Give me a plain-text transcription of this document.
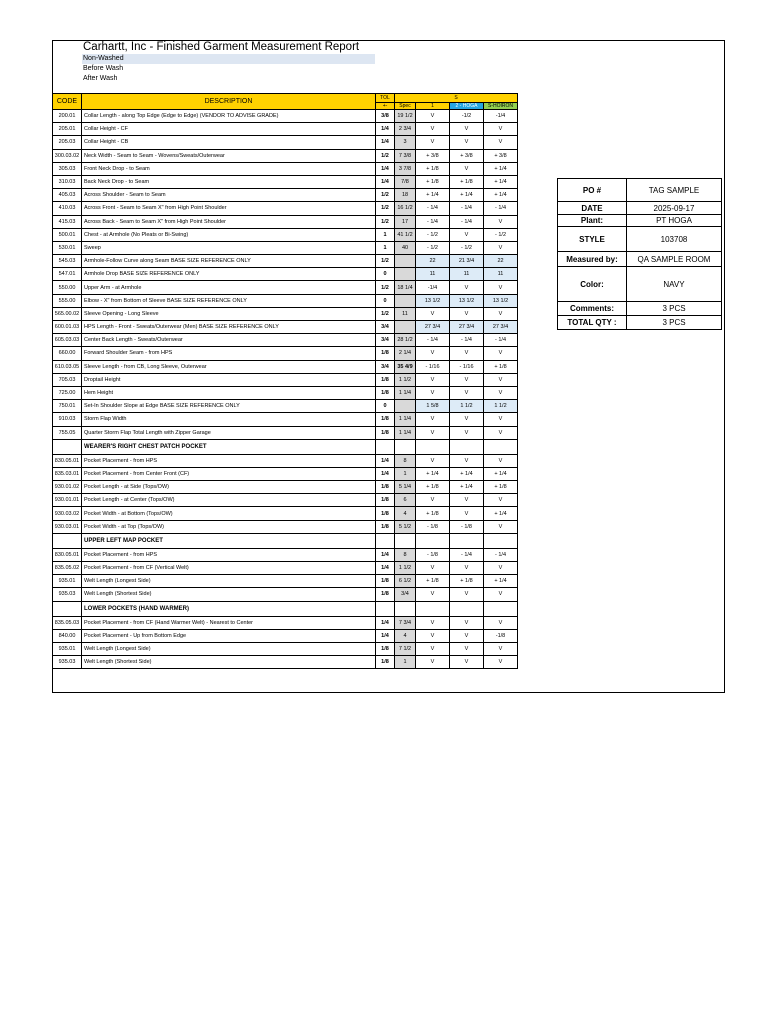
Carhartt, Inc - Finished Garment Measurement Report
Non-Washed
Before Wash
After Wash
CODE	DESCRIPTION	TOL	S			
		+-	Spec	1	2 - HOGA	S-HOIRON
200.01	Collar Length - along Top Edge (Edge to Edge) (VENDOR TO ADVISE GRADE)	3/8	19 1/2	V	-1/2	-1/4
205.01	Collar Height - CF	1/4	2 3/4	V	V	V
205.03	Collar Height - CB	1/4	3	V	V	V
300.03.02	Neck Width - Seam to Seam - Wovens/Sweats/Outerwear	1/2	7 3/8	+ 3/8	+ 3/8	+ 3/8
305.03	Front Neck Drop - to Seam	1/4	3 7/8	+ 1/8	V	+ 1/4
310.03	Back Neck Drop - to Seam	1/4	7/8	+ 1/8	+ 1/8	+ 1/4
405.03	Across Shoulder - Seam to Seam	1/2	18	+ 1/4	+ 1/4	+ 1/4
410.03	Across Front - Seam to Seam X" from High Point Shoulder	1/2	16 1/2	- 1/4	- 1/4	- 1/4
415.03	Across Back - Seam to Seam X" from High Point Shoulder	1/2	17	- 1/4	- 1/4	V
500.01	Chest - at Armhole (No Pleats or Bi-Swing)	1	41 1/2	- 1/2	V	- 1/2
530.01	Sweep	1	40	- 1/2	- 1/2	V
545.03	Armhole-Follow Curve along Seam BASE SIZE REFERENCE ONLY	1/2		22	21 3/4	22
547.01	Armhole Drop BASE SIZE REFERENCE ONLY	0		11	11	11
550.00	Upper Arm - at Armhole	1/2	18 1/4	-1/4	V	V
555.00	Elbow - X" from Bottom of Sleeve BASE SIZE REFERENCE ONLY	0		13 1/2	13 1/2	13 1/2
565.00.02	Sleeve Opening - Long Sleeve	1/2	11	V	V	V
600.01.03	HPS Length - Front - Sweats/Outerwear (Men) BASE SIZE REFERENCE ONLY	3/4		27 3/4	27 3/4	27 3/4
605.03.03	Center Back Length - Sweats/Outerwear	3/4	28 1/2	- 1/4	- 1/4	- 1/4
660.00	Forward Shoulder Seam - from HPS	1/8	2 1/4	V	V	V
610.03.05	Sleeve Length - from CB, Long Sleeve, Outerwear	3/4	35 4/9	- 1/16	- 1/16	+ 1/8
705.03	Droptail Height	1/8	1 1/2	V	V	V
725.00	Hem Height	1/8	1 1/4	V	V	V
750.01	Set-In Shoulder Slope at Edge BASE SIZE REFERENCE ONLY	0		1 5/8	1 1/2	1 1/2
910.03	Storm Flap Width	1/8	1 1/4	V	V	V
755.05	Quarter Storm Flap Total Length with Zipper Garage	1/8	1 1/4	V	V	V
	WEARER'S RIGHT CHEST PATCH POCKET					
830.05.01	Pocket Placement - from HPS	1/4	8	V	V	V
835.03.01	Pocket Placement - from Center Front (CF)	1/4	1	+ 1/4	+ 1/4	+ 1/4
930.01.02	Pocket Length - at Side (Tops/OW)	1/8	5 1/4	+ 1/8	+ 1/4	+ 1/8
930.01.01	Pocket Length - at Center (Tops/OW)	1/8	6	V	V	V
930.03.02	Pocket Width - at Bottom (Tops/OW)	1/8	4	+ 1/8	V	+ 1/4
930.03.01	Pocket Width - at Top (Tops/OW)	1/8	5 1/2	- 1/8	- 1/8	V
	UPPER LEFT MAP POCKET					
830.05.01	Pocket Placement - from HPS	1/4	8	- 1/8	- 1/4	- 1/4
835.05.02	Pocket Placement - from CF (Vertical Welt)	1/4	1 1/2	V	V	V
935.01	Welt Length (Longest Side)	1/8	6 1/2	+ 1/8	+ 1/8	+ 1/4
935.03	Welt Length (Shortest Side)	1/8	3/4	V	V	V
	LOWER POCKETS (HAND WARMER)					
835.05.03	Pocket Placement - from CF (Hand Warmer Welt) - Nearest to Center	1/4	7 3/4	V	V	V
840.00	Pocket Placement - Up from Bottom Edge	1/4	4	V	V	-1/8
935.01	Welt Length (Longest Side)	1/8	7 1/2	V	V	V
935.03	Welt Length (Shortest Side)	1/8	1	V	V	V
PO #	TAG SAMPLE
DATE	2025-09-17
Plant:	PT HOGA
STYLE	103708
Measured by:	QA SAMPLE ROOM
Color:	NAVY
Comments:	3 PCS
TOTAL QTY :	3 PCS
